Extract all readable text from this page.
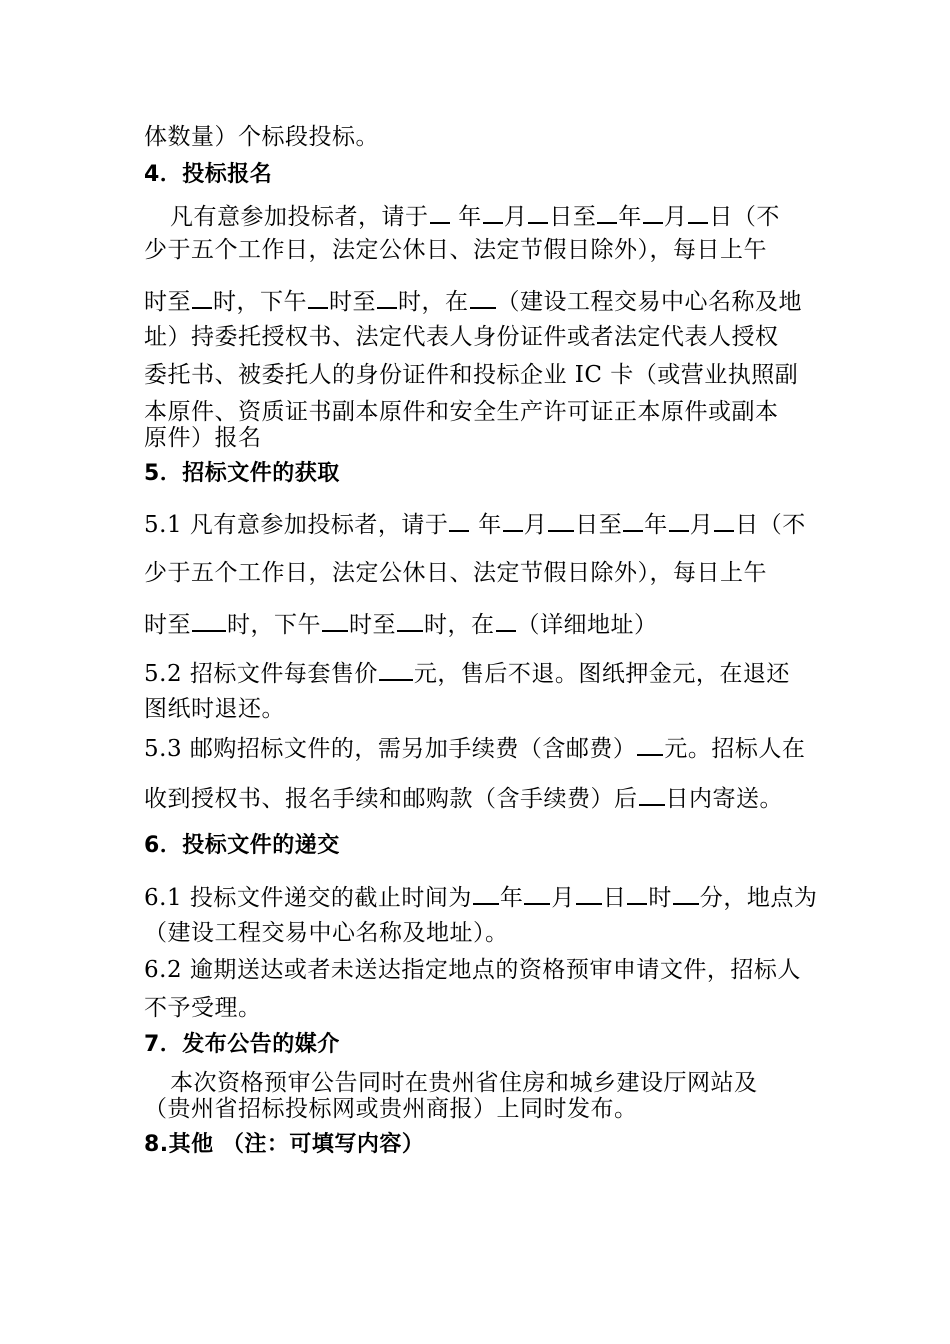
体数量）个标段投标。
4．投标报名
凡有意参加投标者，请于 年 月 日至 年 月 日（不
少于五个工作日，法定公休日、法定节假日除外），每日上午
时至 时，下午 时至 时，在 （建设工程交易中心名称及地
址）持委托授权书、法定代表人身份证件或者法定代表人授权
委托书、被委托人的身份证件和投标企业 IC 卡（或营业执照副
本原件、资质证书副本原件和安全生产许可证正本原件或副本
原件）报名
5．招标文件的获取
5.1 凡有意参加投标者，请于 年 月 日至 年 月 日（不
少于五个工作日，法定公休日、法定节假日除外），每日上午
时至 时，下午 时至 时，在 （详细地址）
5.2 招标文件每套售价 元，售后不退。图纸押金元，在退还
图纸时退还。
5.3 邮购招标文件的，需另加手续费（含邮费） 元。招标人在
收到授权书、报名手续和邮购款（含手续费）后 日内寄送。
6．投标文件的递交
6.1 投标文件递交的截止时间为 年 月 日 时 分，地点为
（建设工程交易中心名称及地址）。
6.2 逾期送达或者未送达指定地点的资格预审申请文件，招标人
不予受理。
7．发布公告的媒介
本次资格预审公告同时在贵州省住房和城乡建设厅网站及
（贵州省招标投标网或贵州商报）上同时发布。
8.其他 （注：可填写内容）
